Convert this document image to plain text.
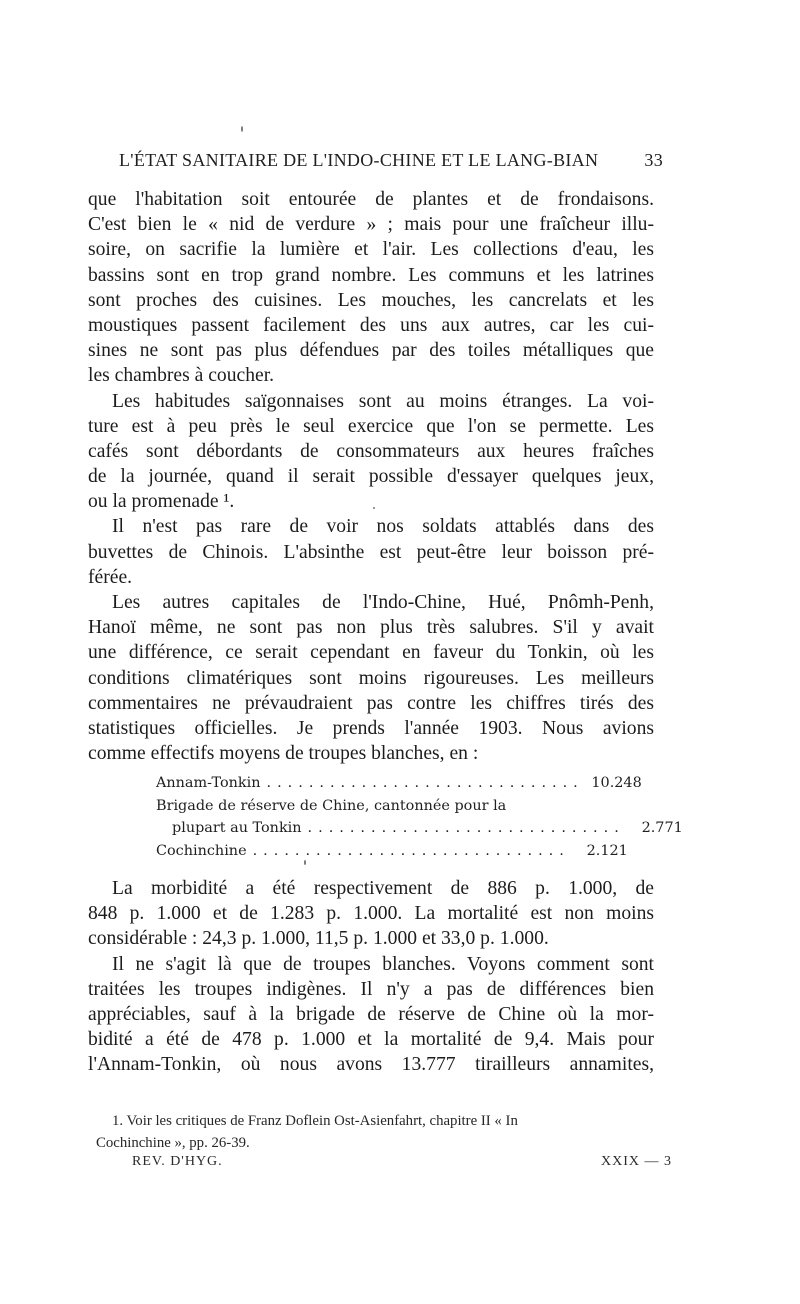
L'ÉTAT SANITAIRE DE L'INDO-CHINE ET LE LANG-BIAN	33
que l'habitation soit entourée de plantes et de frondaisons.
C'est bien le « nid de verdure » ; mais pour une fraîcheur illu-
soire, on sacrifie la lumière et l'air. Les collections d'eau, les
bassins sont en trop grand nombre. Les communs et les latrines
sont proches des cuisines. Les mouches, les cancrelats et les
moustiques passent facilement des uns aux autres, car les cui-
sines ne sont pas plus défendues par des toiles métalliques que
les chambres à coucher.
Les habitudes saïgonnaises sont au moins étranges. La voi-
ture est à peu près le seul exercice que l'on se permette. Les
cafés sont débordants de consommateurs aux heures fraîches
de la journée, quand il serait possible d'essayer quelques jeux,
ou la promenade ¹.
Il n'est pas rare de voir nos soldats attablés dans des
buvettes de Chinois. L'absinthe est peut-être leur boisson pré-
férée.
Les autres capitales de l'Indo-Chine, Hué, Pnômh-Penh,
Hanoï même, ne sont pas non plus très salubres. S'il y avait
une différence, ce serait cependant en faveur du Tonkin, où les
conditions climatériques sont moins rigoureuses. Les meilleurs
commentaires ne prévaudraient pas contre les chiffres tirés des
statistiques officielles. Je prends l'année 1903. Nous avions
comme effectifs moyens de troupes blanches, en :
Annam-Tonkin .............................. 10.248
Brigade de réserve de Chine, cantonnée pour la
plupart au Tonkin ..............................	2.771
Cochinchine ..............................	2.121
La morbidité a été respectivement de 886 p. 1.000, de
848 p. 1.000 et de 1.283 p. 1.000. La mortalité est non moins
considérable : 24,3 p. 1.000, 11,5 p. 1.000 et 33,0 p. 1.000.
Il ne s'agit là que de troupes blanches. Voyons comment sont
traitées les troupes indigènes. Il n'y a pas de différences bien
appréciables, sauf à la brigade de réserve de Chine où la mor-
bidité a été de 478 p. 1.000 et la mortalité de 9,4. Mais pour
l'Annam-Tonkin, où nous avons 13.777 tirailleurs annamites,
1. Voir les critiques de Franz Doflein Ost-Asienfahrt, chapitre II « In
Cochinchine », pp. 26-39.
REV. D'HYG.	XXIX — 3
